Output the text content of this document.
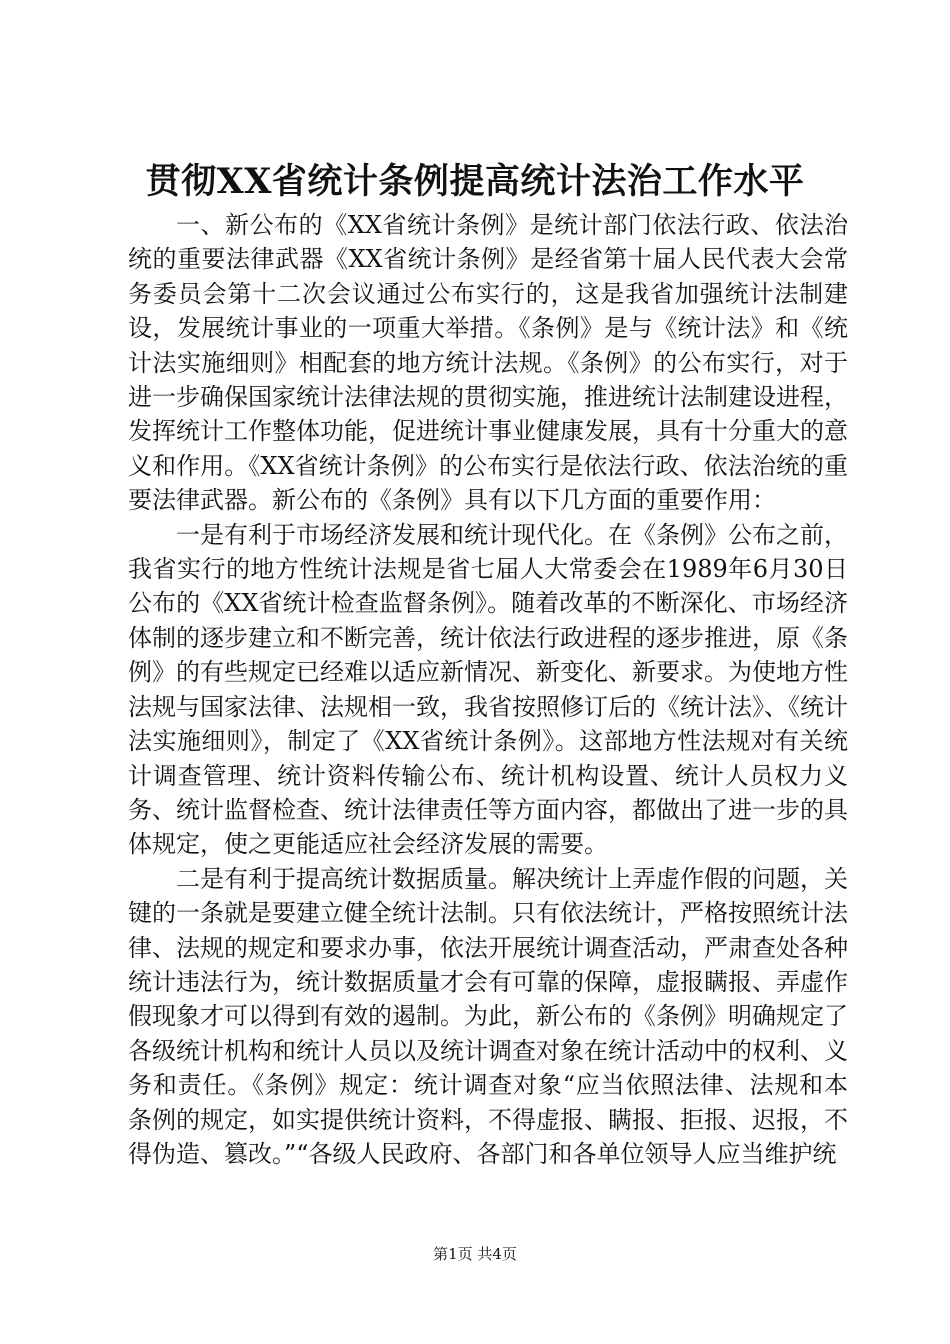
贯彻XX省统计条例提高统计法治工作水平

一、新公布的《XX省统计条例》是统计部门依法行政、依法治统的重要法律武器《XX省统计条例》是经省第十届人民代表大会常务委员会第十二次会议通过公布实行的，这是我省加强统计法制建设，发展统计事业的一项重大举措。《条例》是与《统计法》和《统计法实施细则》相配套的地方统计法规。《条例》的公布实行，对于进一步确保国家统计法律法规的贯彻实施，推进统计法制建设进程，发挥统计工作整体功能，促进统计事业健康发展，具有十分重大的意义和作用。《XX省统计条例》的公布实行是依法行政、依法治统的重要法律武器。新公布的《条例》具有以下几方面的重要作用：

一是有利于市场经济发展和统计现代化。在《条例》公布之前，我省实行的地方性统计法规是省七届人大常委会在1989年6月30日公布的《XX省统计检查监督条例》。随着改革的不断深化、市场经济体制的逐步建立和不断完善，统计依法行政进程的逐步推进，原《条例》的有些规定已经难以适应新情况、新变化、新要求。为使地方性法规与国家法律、法规相一致，我省按照修订后的《统计法》、《统计法实施细则》，制定了《XX省统计条例》。这部地方性法规对有关统计调查管理、统计资料传输公布、统计机构设置、统计人员权力义务、统计监督检查、统计法律责任等方面内容，都做出了进一步的具体规定，使之更能适应社会经济发展的需要。

二是有利于提高统计数据质量。解决统计上弄虚作假的问题，关键的一条就是要建立健全统计法制。只有依法统计，严格按照统计法律、法规的规定和要求办事，依法开展统计调查活动，严肃查处各种统计违法行为，统计数据质量才会有可靠的保障，虚报瞒报、弄虚作假现象才可以得到有效的遏制。为此，新公布的《条例》明确规定了各级统计机构和统计人员以及统计调查对象在统计活动中的权利、义务和责任。《条例》规定：统计调查对象“应当依照法律、法规和本条例的规定，如实提供统计资料，不得虚报、瞒报、拒报、迟报，不得伪造、篡改。”“各级人民政府、各部门和各单位领导人应当维护统

第1页 共4页
